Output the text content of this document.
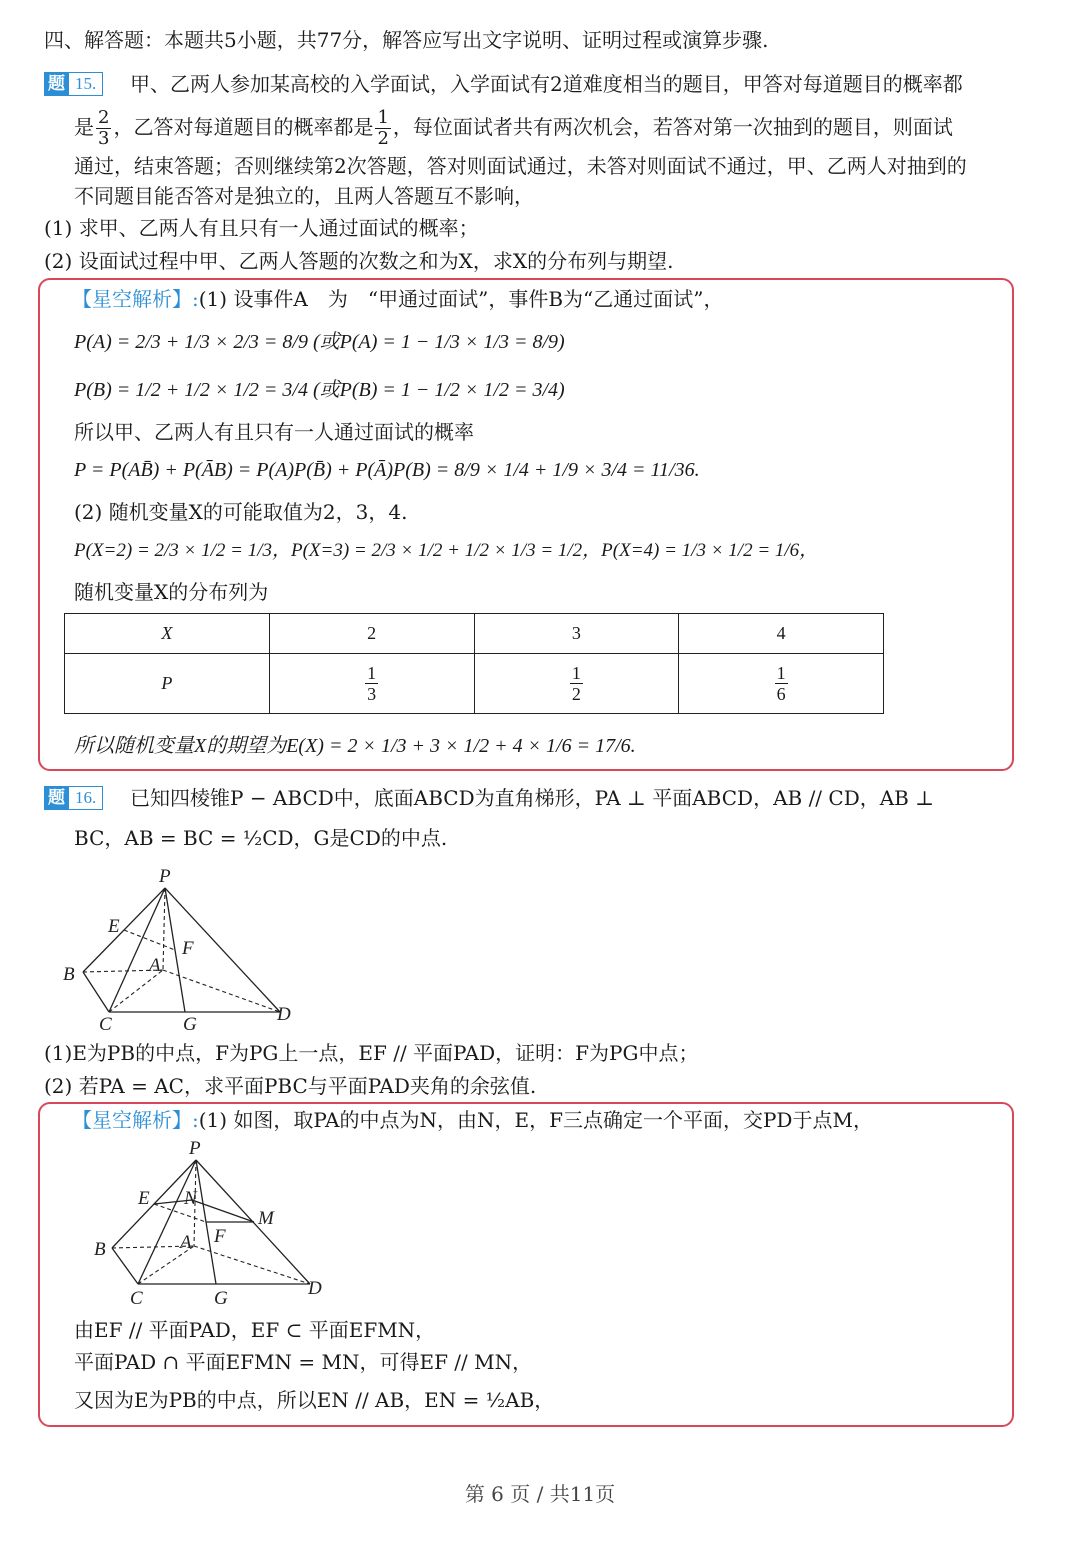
四、解答题：本题共5小题，共77分，解答应写出文字说明、证明过程或演算步骤.
题 15.	甲、乙两人参加某高校的入学面试，入学面试有2道难度相当的题目，甲答对每道题目的概率都
是 $\frac{2}{3}$ ，乙答对每道题目的概率都是 $\frac{1}{2}$ ，每位面试者共有两次机会，若答对第一次抽到的题目，则面试
通过，结束答题；否则继续第2次答题，答对则面试通过，未答对则面试不通过，甲、乙两人对抽到的
不同题目能否答对是独立的，且两人答题互不影响，
(1) 求甲、乙两人有且只有一人通过面试的概率；
(2) 设面试过程中甲、乙两人答题的次数之和为X，求X的分布列与期望.
【星空解析】:(1) 设事件A　为　“甲通过面试”，事件B为“乙通过面试”，
P(A) = 2/3 + 1/3 × 2/3 = 8/9 (或P(A) = 1 − 1/3 × 1/3 = 8/9)
P(B) = 1/2 + 1/2 × 1/2 = 3/4 (或P(B) = 1 − 1/2 × 1/2 = 3/4)
所以甲、乙两人有且只有一人通过面试的概率
P = P(AB̄) + P(ĀB) = P(A)P(B̄) + P(Ā)P(B) = 8/9 × 1/4 + 1/9 × 3/4 = 11/36.
(2) 随机变量X的可能取值为2，3，4.
P(X=2) = 2/3 × 1/2 = 1/3，P(X=3) = 2/3 × 1/2 + 1/2 × 1/3 = 1/2，P(X=4) = 1/3 × 1/2 = 1/6，
随机变量X的分布列为
X	2	3	4
P	$\frac{1}{3}$	$\frac{1}{2}$	$\frac{1}{6}$
所以随机变量X的期望为E(X) = 2 × 1/3 + 3 × 1/2 + 4 × 1/6 = 17/6.
题 16.	已知四棱锥P − ABCD中，底面ABCD为直角梯形，PA ⊥ 平面ABCD，AB // CD，AB ⊥
BC，AB = BC = ½CD，G是CD的中点.
P
E
F
A
B
C	G	D
(1)E为PB的中点，F为PG上一点，EF // 平面PAD，证明：F为PG中点；
(2) 若PA = AC，求平面PBC与平面PAD夹角的余弦值.
【星空解析】:(1) 如图，取PA的中点为N，由N，E，F三点确定一个平面，交PD于点M，
P
E N
M
F
A
B
C	G	D
由EF // 平面PAD，EF ⊂ 平面EFMN，
平面PAD ∩ 平面EFMN = MN，可得EF // MN，
又因为E为PB的中点，所以EN // AB，EN = ½AB，
第 6 页 / 共11页
